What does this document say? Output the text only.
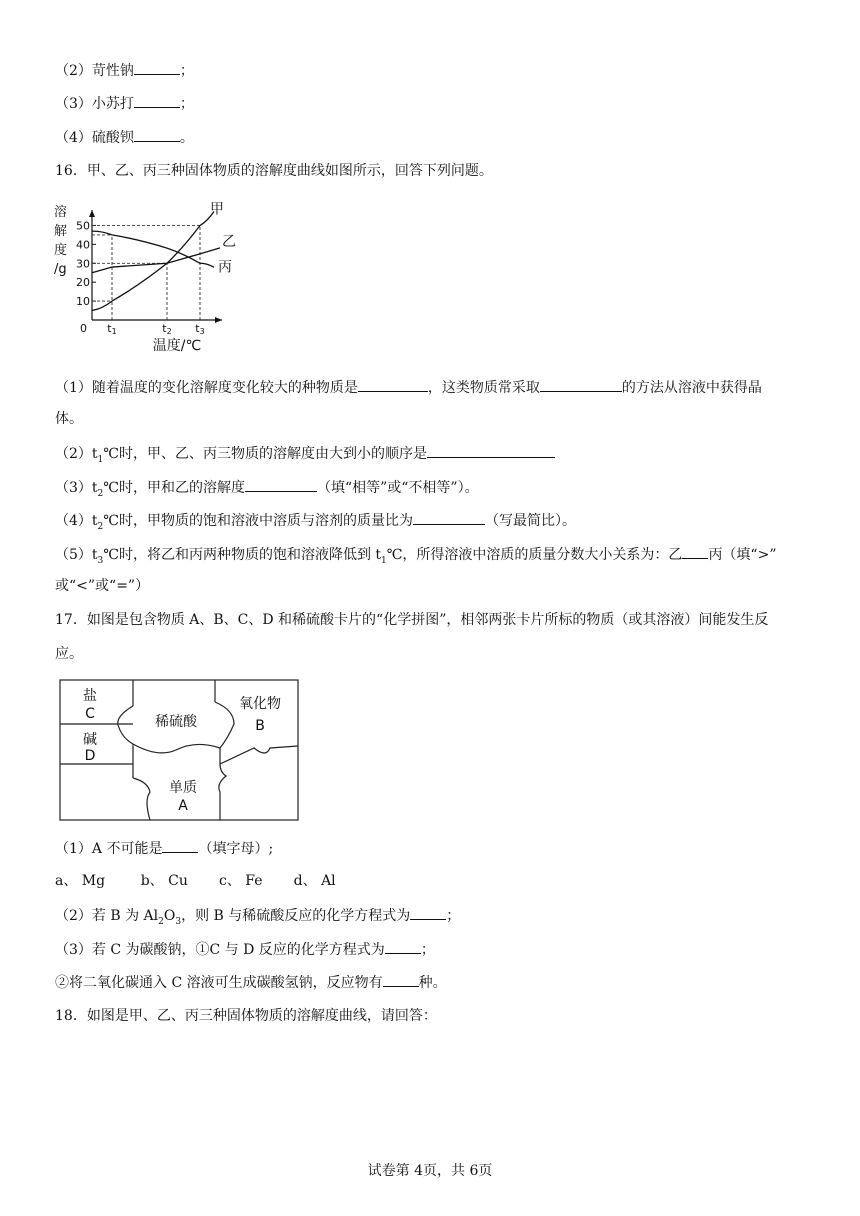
（2）苛性钠	；
（3）小苏打	；
（4）硫酸钡	。
16．甲、乙、丙三种固体物质的溶解度曲线如图所示，回答下列问题。
10
20
30
40
50
0 t1	t2 t3
甲
乙
丙
溶
解
度
/g
温度/℃
（1）随着温度的变化溶解度变化较大的种物质是	，这类物质常采取	的方法从溶液中获得晶
体。
$(2)t_1℃$时，甲、乙、丙三物质的溶解度由大到小的顺序是
$(3)t_2℃$时，甲和乙的溶解度	（填“相等”或“不相等”）。
$(4)t_2℃$时，甲物质的饱和溶液中溶质与溶剂的质量比为	（写最简比）。
$(5)t_3℃$时，将乙和丙两种物质的饱和溶液降低到 $t_1℃$，所得溶液中溶质的质量分数大小关系为：乙 丙（填“>”
或“<”或“=”）
17．如图是包含物质 A、B、C、D 和稀硫酸卡片的“化学拼图”，相邻两张卡片所标的物质（或其溶液）间能发生反
应。
盐
C
碱
D
稀硫酸
氧化物
B
单质
A
（1）A 不可能是	（填字母）;
a、 Mg        b、 Cu       c、 Fe       d、 Al
（2）若 B 为 $Al_2O_3$，则 B 与稀硫酸反应的化学方程式为	；
（3）若 C 为碳酸钠，①C 与 D 反应的化学方程式为	；
②将二氧化碳通入 C 溶液可生成碳酸氢钠，反应物有	种。
18．如图是甲、乙、丙三种固体物质的溶解度曲线，请回答：
试卷第 4页，共 6页
